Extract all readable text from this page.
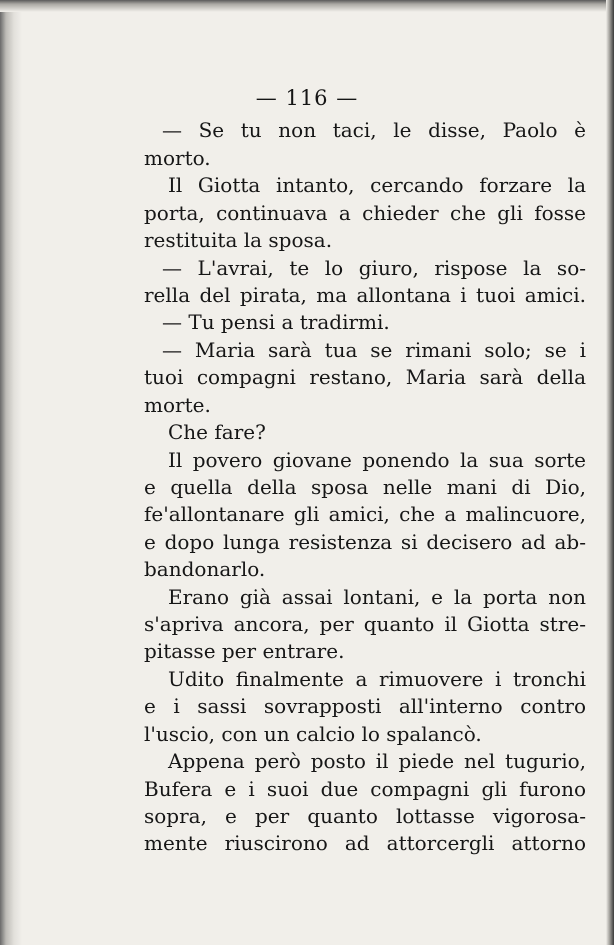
— 116 —
— Se tu non taci, le disse, Paolo è
morto.
Il Giotta intanto, cercando forzare la
porta, continuava a chieder che gli fosse
restituita la sposa.
— L'avrai, te lo giuro, rispose la so-
rella del pirata, ma allontana i tuoi amici.
— Tu pensi a tradirmi.
— Maria sarà tua se rimani solo; se i
tuoi compagni restano, Maria sarà della
morte.
Che fare?
Il povero giovane ponendo la sua sorte
e quella della sposa nelle mani di Dio,
fe'allontanare gli amici, che a malincuore,
e dopo lunga resistenza si decisero ad ab-
bandonarlo.
Erano già assai lontani, e la porta non
s'apriva ancora, per quanto il Giotta stre-
pitasse per entrare.
Udito finalmente a rimuovere i tronchi
e i sassi sovrapposti all'interno contro
l'uscio, con un calcio lo spalancò.
Appena però posto il piede nel tugurio,
Bufera e i suoi due compagni gli furono
sopra, e per quanto lottasse vigorosa-
mente riuscirono ad attorcergli attorno
